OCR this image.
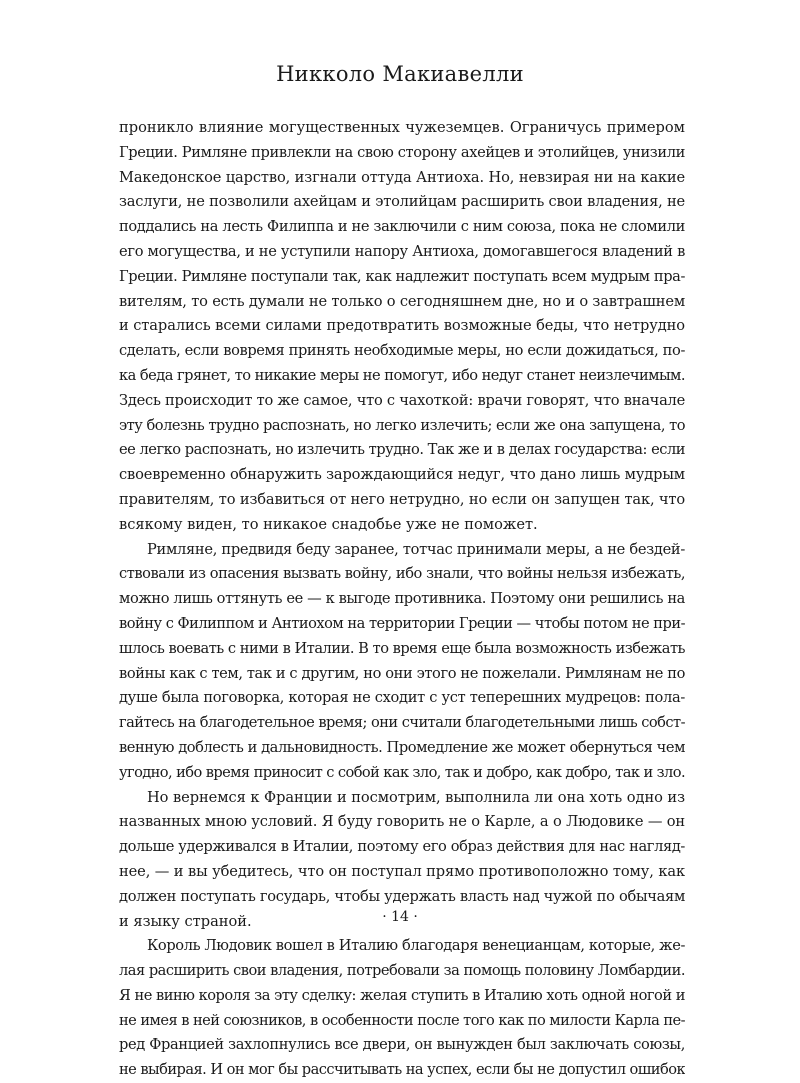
Никколо Макиавелли
проникло влияние могущественных чужеземцев. Ограничусь примером
Греции. Римляне привлекли на свою сторону ахейцев и этолийцев, унизили
Македонское царство, изгнали оттуда Антиоха. Но, невзирая ни на какие
заслуги, не позволили ахейцам и этолийцам расширить свои владения, не
поддались на лесть Филиппа и не заключили с ним союза, пока не сломили
его могущества, и не уступили напору Антиоха, домогавшегося владений в
Греции. Римляне поступали так, как надлежит поступать всем мудрым пра-
вителям, то есть думали не только о сегодняшнем дне, но и о завтрашнем
и старались всеми силами предотвратить возможные беды, что нетрудно
сделать, если вовремя принять необходимые меры, но если дожидаться, по-
ка беда грянет, то никакие меры не помогут, ибо недуг станет неизлечимым.
Здесь происходит то же самое, что с чахоткой: врачи говорят, что вначале
эту болезнь трудно распознать, но легко излечить; если же она запущена, то
ее легко распознать, но излечить трудно. Так же и в делах государства: если
своевременно обнаружить зарождающийся недуг, что дано лишь мудрым
правителям, то избавиться от него нетрудно, но если он запущен так, что
всякому виден, то никакое снадобье уже не поможет.
Римляне, предвидя беду заранее, тотчас принимали меры, а не бездей-
ствовали из опасения вызвать войну, ибо знали, что войны нельзя избежать,
можно лишь оттянуть ее — к выгоде противника. Поэтому они решились на
войну с Филиппом и Антиохом на территории Греции — чтобы потом не при-
шлось воевать с ними в Италии. В то время еще была возможность избежать
войны как с тем, так и с другим, но они этого не пожелали. Римлянам не по
душе была поговорка, которая не сходит с уст теперешних мудрецов: пола-
гайтесь на благодетельное время; они считали благодетельными лишь собст-
венную доблесть и дальновидность. Промедление же может обернуться чем
угодно, ибо время приносит с собой как зло, так и добро, как добро, так и зло.
Но вернемся к Франции и посмотрим, выполнила ли она хоть одно из
названных мною условий. Я буду говорить не о Карле, а о Людовике — он
дольше удерживался в Италии, поэтому его образ действия для нас нагляд-
нее, — и вы убедитесь, что он поступал прямо противоположно тому, как
должен поступать государь, чтобы удержать власть над чужой по обычаям
и языку страной.
Король Людовик вошел в Италию благодаря венецианцам, которые, же-
лая расширить свои владения, потребовали за помощь половину Ломбардии.
Я не виню короля за эту сделку: желая ступить в Италию хоть одной ногой и
не имея в ней союзников, в особенности после того как по милости Карла пе-
ред Францией захлопнулись все двери, он вынужден был заключать союзы,
не выбирая. И он мог бы рассчитывать на успех, если бы не допустил ошибок
· 14 ·
